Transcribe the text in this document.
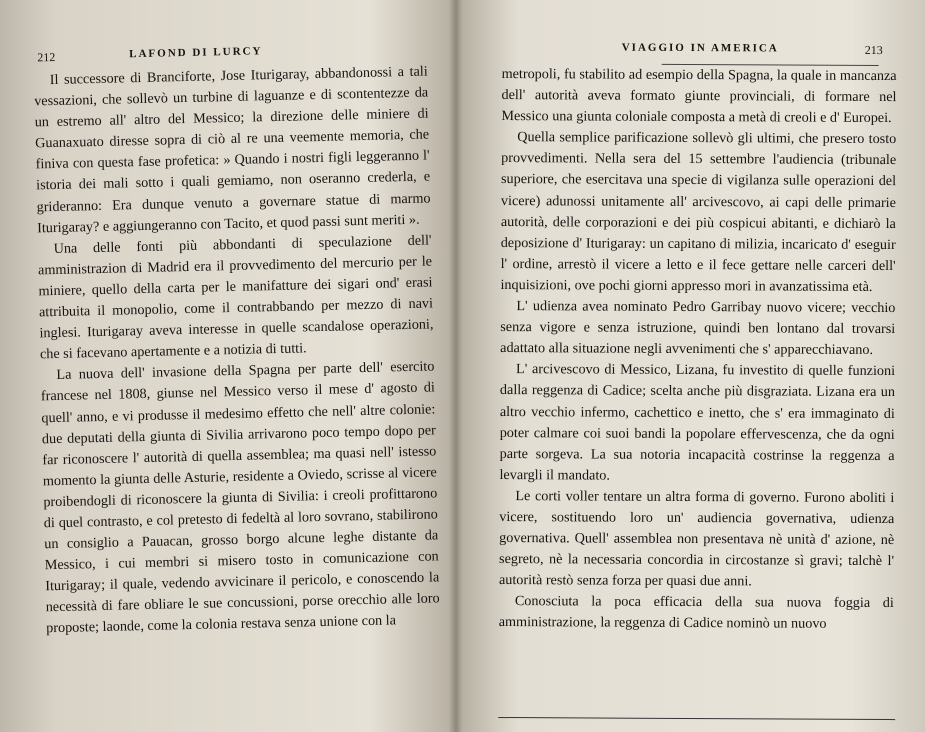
212	LAFOND DI LURCY

Il successore di Branciforte, Jose Iturigaray, abbandonossi a tali vessazioni, che sollevò un turbine di laguanze e di scontentezze da un estremo all' altro del Messico; la direzione delle miniere di Guanaxuato diresse sopra di ciò al re una veemente memoria, che finiva con questa fase profetica: » Quando i nostri figli leggeranno l' istoria dei mali sotto i quali gemiamo, non oseranno crederla, e grideranno: Era dunque venuto a governare statue di marmo Iturigaray? e aggiungeranno con Tacito, et quod passi sunt meriti ».

Una delle fonti più abbondanti di speculazione dell' amministrazion di Madrid era il provvedimento del mercurio per le miniere, quello della carta per le manifatture dei sigari ond' erasi attribuita il monopolio, come il contrabbando per mezzo di navi inglesi. Iturigaray aveva interesse in quelle scandalose operazioni, che si facevano apertamente e a notizia di tutti.

La nuova dell' invasione della Spagna per parte dell' esercito francese nel 1808, giunse nel Messico verso il mese d' agosto di quell' anno, e vi produsse il medesimo effetto che nell' altre colonie: due deputati della giunta di Sivilia arrivarono poco tempo dopo per far riconoscere l' autorità di quella assemblea; ma quasi nell' istesso momento la giunta delle Asturie, residente a Oviedo, scrisse al vicere proibendogli di riconoscere la giunta di Sivilia: i creoli profittarono di quel contrasto, e col pretesto di fedeltà al loro sovrano, stabilirono un consiglio a Pauacan, grosso borgo alcune leghe distante da Messico, i cui membri si misero tosto in comunicazione con Iturigaray; il quale, vedendo avvicinare il pericolo, e conoscendo la necessità di fare obliare le sue concussioni, porse orecchio alle loro proposte; laonde, come la colonia restava senza unione con la

VIAGGIO IN AMERICA	213

metropoli, fu stabilito ad esempio della Spagna, la quale in mancanza dell' autorità aveva formato giunte provinciali, di formare nel Messico una giunta coloniale composta a metà di creoli e d' Europei.

Quella semplice parificazione sollevò gli ultimi, che presero tosto provvedimenti. Nella sera del 15 settembre l'audiencia (tribunale superiore, che esercitava una specie di vigilanza sulle operazioni del vicere) adunossi unitamente all' arcivescovo, ai capi delle primarie autorità, delle corporazioni e dei più cospicui abitanti, e dichiarò la deposizione d' Iturigaray: un capitano di milizia, incaricato d' eseguir l' ordine, arrestò il vicere a letto e il fece gettare nelle carceri dell' inquisizioni, ove pochi giorni appresso mori in avanzatissima età.

L' udienza avea nominato Pedro Garribay nuovo vicere; vecchio senza vigore e senza istruzione, quindi ben lontano dal trovarsi adattato alla situazione negli avvenimenti che s' apparecchiavano.

L' arcivescovo di Messico, Lizana, fu investito di quelle funzioni dalla reggenza di Cadice; scelta anche più disgraziata. Lizana era un altro vecchio infermo, cachettico e inetto, che s' era immaginato di poter calmare coi suoi bandi la popolare effervescenza, che da ogni parte sorgeva. La sua notoria incapacità costrinse la reggenza a levargli il mandato.

Le corti voller tentare un altra forma di governo. Furono aboliti i vicere, sostituendo loro un' audiencia governativa, udienza governativa. Quell' assemblea non presentava nè unità d' azione, nè segreto, nè la necessaria concordia in circostanze sì gravi; talchè l' autorità restò senza forza per quasi due anni.

Conosciuta la poca efficacia della sua nuova foggia di amministrazione, la reggenza di Cadice nominò un nuovo
